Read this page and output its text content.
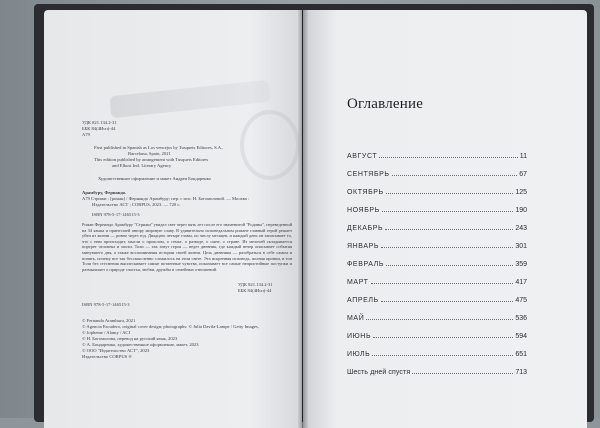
УДК 821.134.2-31
ББК 84(4Исп)-44
А79
First published in Spanish as Los vencejos by Tusquets Editores, S.A.,
Barcelona, Spain, 2021
This edition published by arrangement with Tusquets Editores
and Elkost Intl. Literary Agency
Художественное оформление и макет Андрея Бондаренко
Арамбуру, Фернандо.
А79 Стрижи : [роман] / Фернандо Арамбуру; пер. с исп. Н. Богомоловой. — Москва :
Издательство АСТ ; CORPUS, 2023. — 720 с.
ISBN 978-5-17-146515-3
Роман Фернандо Арамбуру "Стрижи" увидел свет через пять лет после его знаменитой "Родины", переведенной на 34 языка и принесшей автору мировую славу. В удивительно исповедальном романе главный герой решает уйти из жизни — ровно через год. Двадцать четыре главы, по числу месяцев, и каждый день он записывает то, что с ним происходит, мысли о прошлом, о семье, о разводе, о сыне, о стране. Из мелочей складывается портрет человека и эпохи. Толи — так зовут героя — ведет дневник, где каждый вечер описывает события минувшего дня, а также воспоминания истории своей жизни. Цель дневника — разобраться в себе самом и понять, почему все так бессмысленно сложилось на этом свете. Эта искренняя исповедь, полная иронии, в тон Толи без стеснения выплескивает самые потаенные чувства, показывает все самые непристойные поступки и размышляет о природе счастья, любви, дружбы и семейных отношений.
УДК 821.134.2-31
ББК 84(4Исп)-44
ISBN 978-5-17-146515-3
© Fernando Aramburu, 2021
© Agencia Escudero, original cover design; photographs: © Julia Davila-Lampe / Getty Images,
© Jopheme / Alamy / ACI
© Н. Богомолова, перевод на русский язык, 2023
© А. Бондаренко, художественное оформление, макет, 2023
© ООО "Издательство АСТ", 2023
Издательство CORPUS ®
Оглавление
АВГУСТ	11
СЕНТЯБРЬ	67
ОКТЯБРЬ	125
НОЯБРЬ	190
ДЕКАБРЬ	243
ЯНВАРЬ	301
ФЕВРАЛЬ	359
МАРТ	417
АПРЕЛЬ	475
МАЙ	536
ИЮНЬ	594
ИЮЛЬ	651
Шесть дней спустя	713
